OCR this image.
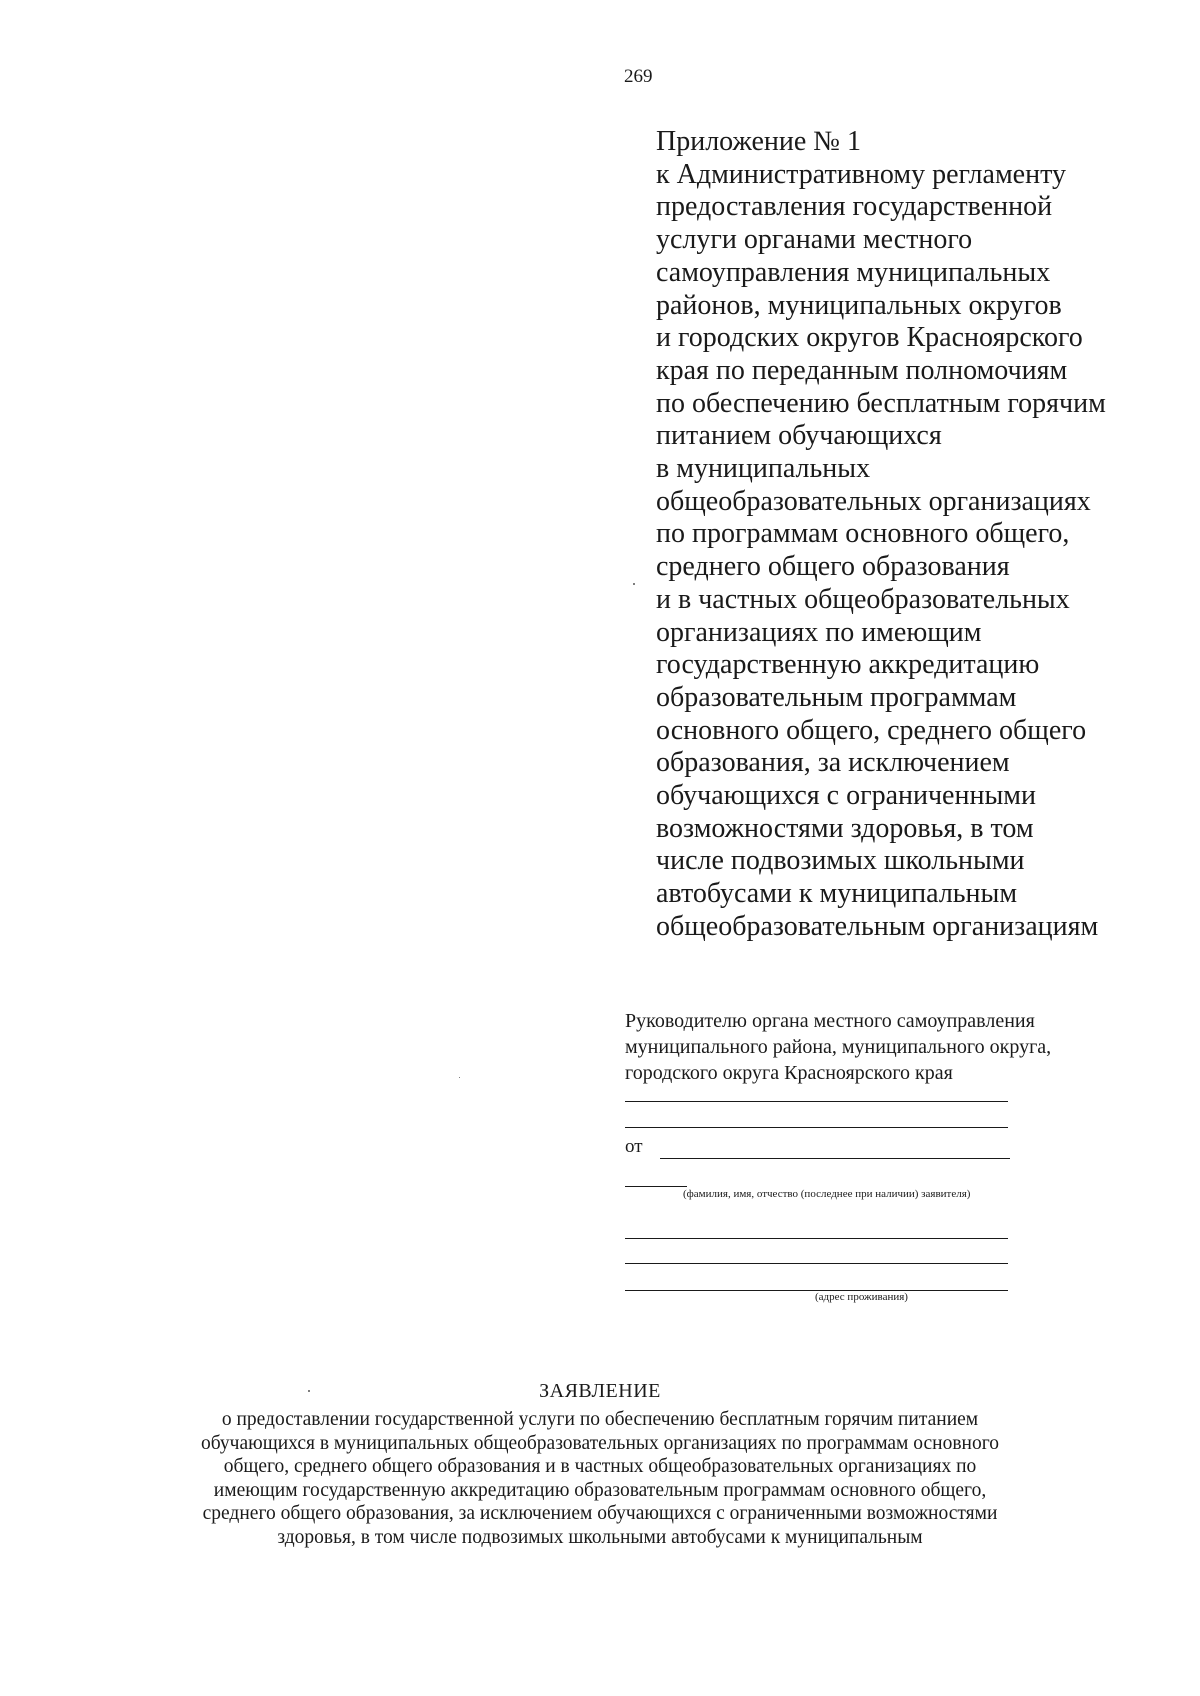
269
Приложение № 1
к Административному регламенту
предоставления государственной
услуги органами местного
самоуправления муниципальных
районов, муниципальных округов
и городских округов Красноярского
края по переданным полномочиям
по обеспечению бесплатным горячим
питанием обучающихся
в муниципальных
общеобразовательных организациях
по программам основного общего,
среднего общего образования
и в частных общеобразовательных
организациях по имеющим
государственную аккредитацию
образовательным программам
основного общего, среднего общего
образования, за исключением
обучающихся с ограниченными
возможностями здоровья, в том
числе подвозимых школьными
автобусами к муниципальным
общеобразовательным организациям
Руководителю органа местного самоуправления
муниципального района, муниципального округа,
городского округа Красноярского края
от
(фамилия, имя, отчество (последнее при наличии) заявителя)
(адрес проживания)
ЗАЯВЛЕНИЕ
о предоставлении государственной услуги по обеспечению бесплатным горячим питанием
обучающихся в муниципальных общеобразовательных организациях по программам основного
общего, среднего общего образования и в частных общеобразовательных организациях по
имеющим государственную аккредитацию образовательным программам основного общего,
среднего общего образования, за исключением обучающихся с ограниченными возможностями
здоровья, в том числе подвозимых школьными автобусами к муниципальным
